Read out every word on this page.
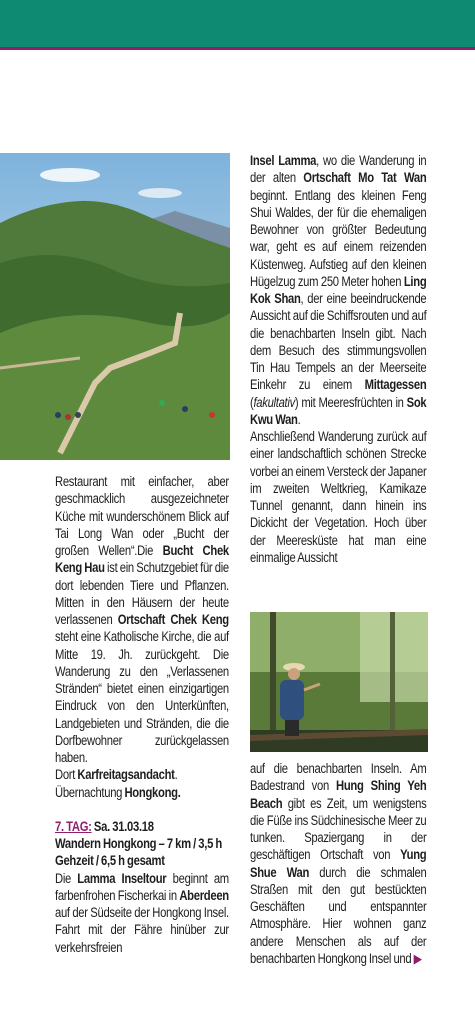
Restaurant mit einfacher, aber geschmacklich ausgezeichneter Küche mit wunderschönem Blick auf Tai Long Wan oder „Bucht der großen Wellen“.Die Bucht Chek Keng Hau ist ein Schutzgebiet für die dort lebenden Tiere und Pflanzen. Mitten in den Häusern der heute verlassenen Ortschaft Chek Keng steht eine Katholische Kirche, die auf Mitte 19. Jh. zurückgeht. Die Wanderung zu den „Verlassenen Stränden“ bietet einen einzigartigen Eindruck von den Unterkünften, Landgebieten und Stränden, die die Dorfbewohner zurückgelassen haben.

Dort Karfreitagsandacht.

Übernachtung Hongkong.

7. TAG: Sa. 31.03.18

Wandern Hongkong – 7 km / 3,5 h

Gehzeit / 6,5 h gesamt

Die Lamma Inseltour beginnt am farbenfrohen Fischerkai in Aberdeen auf der Südseite der Hongkong Insel. Fahrt mit der Fähre hinüber zur verkehrsfreien

Insel Lamma, wo die Wanderung in der alten Ortschaft Mo Tat Wan beginnt. Entlang des kleinen Feng Shui Waldes, der für die ehemaligen Bewohner von größter Bedeutung war, geht es auf einem reizenden Küstenweg. Aufstieg auf den kleinen Hügelzug zum 250 Meter hohen Ling Kok Shan, der eine beeindruckende Aussicht auf die Schiffsrouten und auf die benachbarten Inseln gibt. Nach dem Besuch des stimmungsvollen Tin Hau Tempels an der Meerseite Einkehr zu einem Mittagessen (fakultativ) mit Meeresfrüchten in Sok Kwu Wan.

Anschließend Wanderung zurück auf einer landschaftlich schönen Strecke vorbei an einem Versteck der Japaner im zweiten Weltkrieg, Kamikaze Tunnel genannt, dann hinein ins Dickicht der Vegetation. Hoch über der Meeresküste hat man eine einmalige Aussicht

auf die benachbarten Inseln. Am Badestrand von Hung Shing Yeh Beach gibt es Zeit, um wenigstens die Füße ins Südchinesische Meer zu tunken. Spaziergang in der geschäftigen Ortschaft von Yung Shue Wan durch die schmalen Straßen mit den gut bestückten Geschäften und entspannter Atmosphäre. Hier wohnen ganz andere Menschen als auf der benachbarten Hongkong Insel und ▶
